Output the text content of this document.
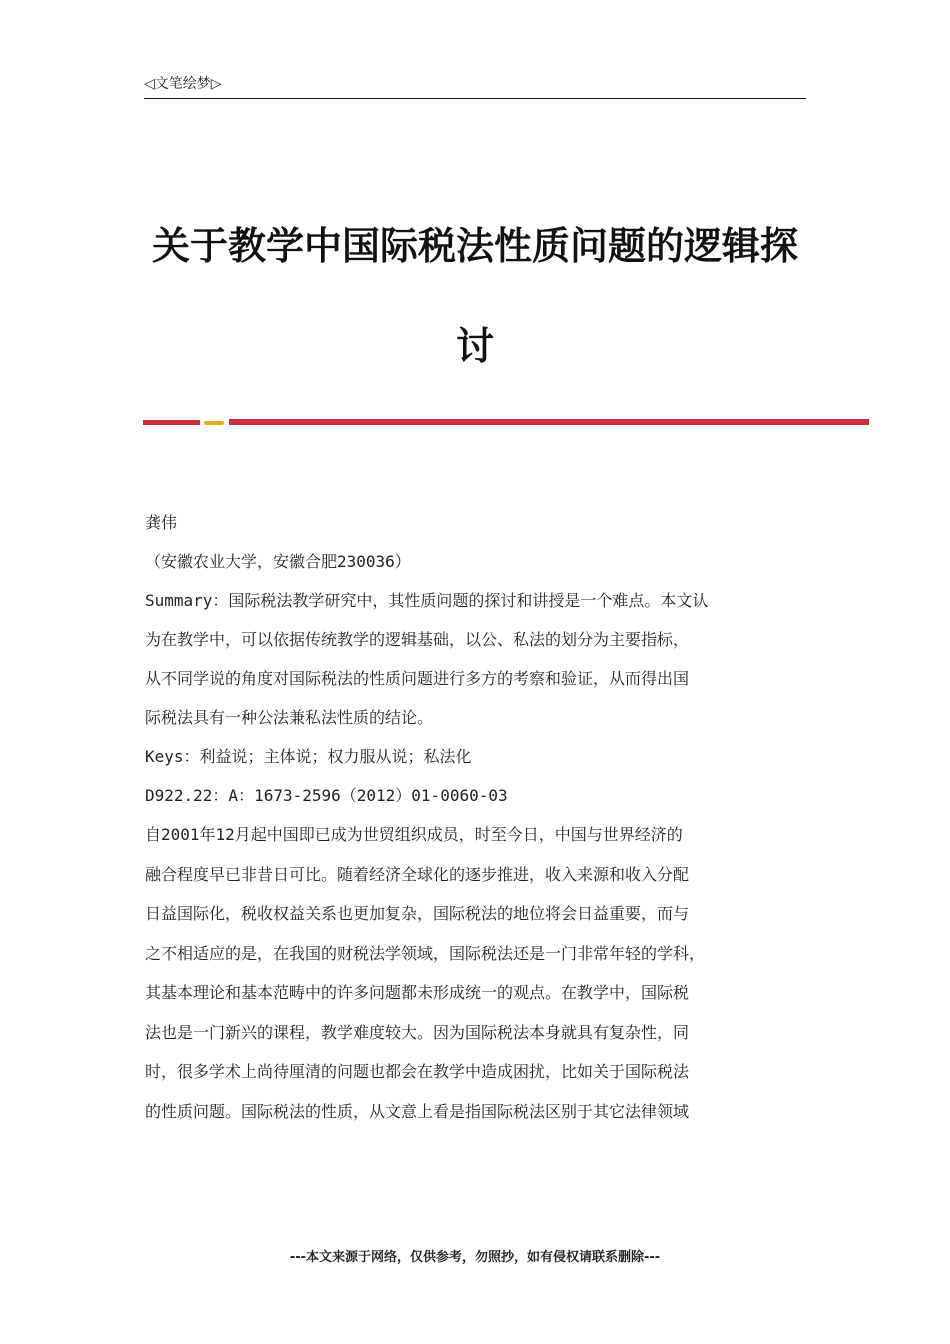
◁文笔绘梦▷
关于教学中国际税法性质问题的逻辑探
讨
龚伟
（安徽农业大学，安徽合肥230036）
Summary：国际税法教学研究中，其性质问题的探讨和讲授是一个难点。本文认
为在教学中，可以依据传统教学的逻辑基础，以公、私法的划分为主要指标，
从不同学说的角度对国际税法的性质问题进行多方的考察和验证，从而得出国
际税法具有一种公法兼私法性质的结论。
Keys：利益说；主体说；权力服从说；私法化
D922.22：A：1673-2596（2012）01-0060-03
自2001年12月起中国即已成为世贸组织成员，时至今日，中国与世界经济的
融合程度早已非昔日可比。随着经济全球化的逐步推进，收入来源和收入分配
日益国际化，税收权益关系也更加复杂，国际税法的地位将会日益重要，而与
之不相适应的是，在我国的财税法学领域，国际税法还是一门非常年轻的学科，
其基本理论和基本范畴中的许多问题都未形成统一的观点。在教学中，国际税
法也是一门新兴的课程，教学难度较大。因为国际税法本身就具有复杂性，同
时，很多学术上尚待厘清的问题也都会在教学中造成困扰，比如关于国际税法
的性质问题。国际税法的性质，从文意上看是指国际税法区别于其它法律领域
---本文来源于网络，仅供参考，勿照抄，如有侵权请联系删除---
